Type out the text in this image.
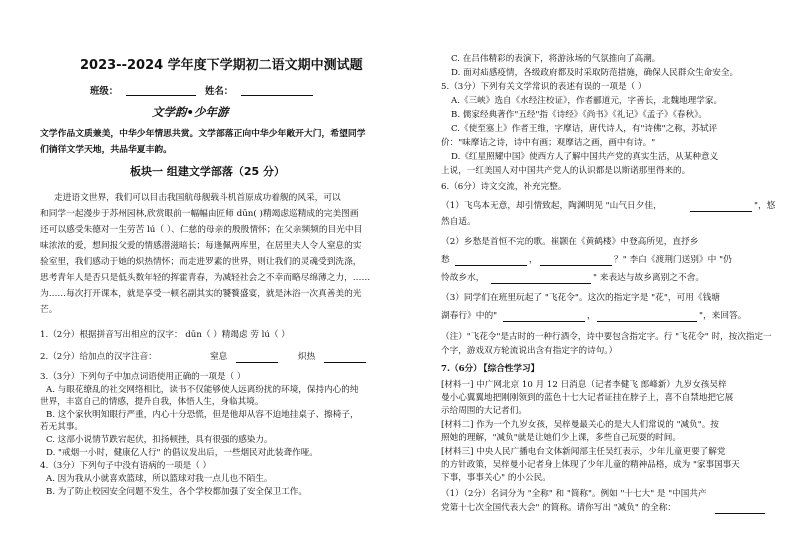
2023--2024 学年度下学期初二语文期中测试题
班级：	姓名：
文学韵•少年游
文学作品文质兼美，中华少年情思共赏。文学部落正向中华少年敞开大门，希望同学
们徜徉文学天地，共品华夏丰韵。
板块一 组建文学部落（25 分）
走进语文世界，我们可以目击我国航母舰载斗机首原成功着舰的风采，可以
和同学一起漫步于苏州园林,欣赏眼前一幅幅由匠师 dūn( )精竭虑巡精成的完美图画
还可以感受朱德对一生劳苦 lú（ ）、仁慈的母亲的殷殷情怀；在父亲频频的目光中目
味浓浓的爱，想间报父爱的情感潜滋暗长；每逢佩两库里，在居里夫人令人窒息的实
验室里，我们感动于她的炽热情怀；而走进罗素的世界，则让我们的灵魂受到洗涤，
思考青年人是否只是低头数年轻的挥霍青春，为减轻社会之不幸而略尽绵薄之力，……
为……每次打开课本，就是享受一顿名副其实的饕餮盛宴，就是沐浴一次真善美的光
芒。
1.（2分）根据拼音写出相应的汉字： dūn（ ）精竭虑 劳 lú（ ）
2.（2分）给加点的汉字注音：	窒息	炽热
3.（3分）下列句子中加点词语使用正确的一项是（ ）
A. 与眼花缭乱的社交网络相比，读书不仅能够使人远离纷扰的环境，保持内心的纯
世界，丰富自己的情感，提升自我，体悟人生，身临其境。
B. 这个家伙明知眼行严重，内心十分恐慌，但是他却从容不迫地挂桌子、擦椅子，
若无其事。
C. 这部小说情节跌宕起伏，扣扬顿挫，具有很强的感染力。
D. "戒烟一小时，健康亿人行" 的倡议发出后，一些烟民对此装聋作哑。
4.（3分）下列句子中没有语病的一项是（ ）
A. 因为我从小就喜欢篮球，所以篮球对我一点儿也不陌生。
B. 为了防止校园安全问题不发生，各个学校都加强了安全保卫工作。
C. 在吕伟精彩的表演下，将游泳场的气氛推向了高潮。
D. 面对疝感疫情，各级政府都及时采取防范措施，确保人民群众生命安全。
5.（3分）下列有关文学常识的表述有误的一项是（ ）
A.《三峡》选自《水经注校证》，作者郦道元，字善长，北魏地理学家。
B. 儒家经典著作"五经"指《诗经》《尚书》《礼记》《孟子》《春秋》。
C.《使至塞上》作者王维，字摩诘，唐代诗人，有"诗佛"之称，苏轼评
价："味摩诘之诗，诗中有画；观摩诘之画，画中有诗。"
D.《红星照耀中国》使西方人了解中国共产党的真实生活，从某种意义
上说，一红美国人对中国共产党人的认识都是以斯诺那里得来的。
6.（6分）诗文交流，补充完整。
（1）飞鸟本无意，却引情致起，陶渊明见 "山气日夕佳，	"，悠
然自适。
（2）乡愁是首恒不完的歌。崔颢在《黄鹤楼》中登高所见，直抒乡
愁	，	？" 李白《渡荆门送别》中 "仍
怜故乡水，	" 来表达与故乡离别之不舍。
（3）同学们在班里玩起了 "飞花令"。这次的指定字是 "花"，可用《钱塘
湖春行》中的"	，	"，来回答。
（注）"飞花令"是古时的一种行酒令，诗中要包含指定字。行 "飞花令" 时，按次指定一
个字，游戏双方轮流说出含有指定字的诗句。）
7.（6分）
【综合性学习】
[材料一] 中广网北京 10 月 12 日消息（记者李健飞 郎峰新）九岁女孩吴梓
曼小心翼翼地把刚刚领到的蓝色十七大记者证挂在脖子上，喜不自禁地把它展
示给周围的大记者们。
[材料二] 作为一个九岁女孩，吴梓曼最关心的是大人们常说的 "减负"。按
照她的理解，"减负"就是让她们少上课，多些自己玩耍的时间。
[材料三] 中央人民广播电台文体新闻部主任吴红表示，少年儿童更要了解党
的方针政策，吴梓曼小记者身上体现了少年儿童的精神品格，成为 "家事国事天
下事，事事关心" 的小公民。
（1）（2分）名词分为 "全称" 和 "简称"。例如 "十七大" 是 "中国共产
党第十七次全国代表大会" 的简称。请你写出 "减负" 的全称：
